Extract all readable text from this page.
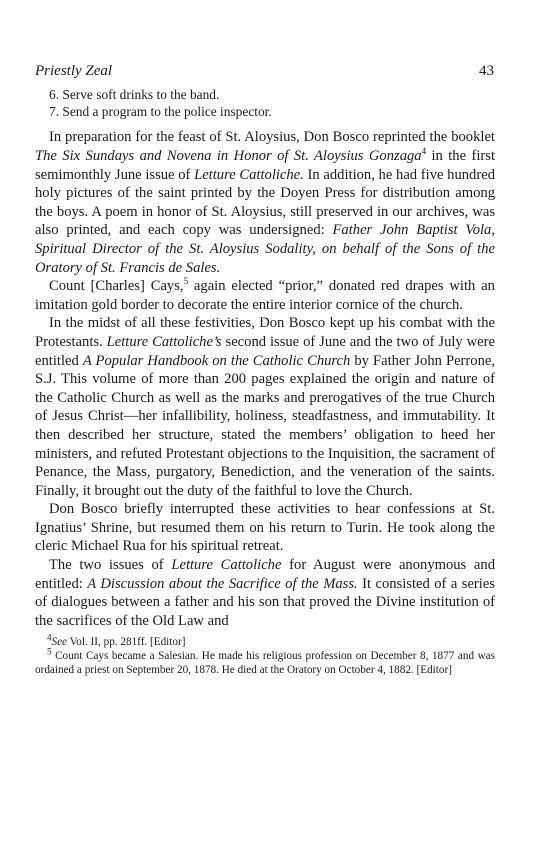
Priestly Zeal	43
6. Serve soft drinks to the band.
7. Send a program to the police inspector.

In preparation for the feast of St. Aloysius, Don Bosco reprinted the booklet The Six Sundays and Novena in Honor of St. Aloysius Gonzaga$^4$ in the first semimonthly June issue of Letture Cattoliche. In addition, he had five hundred holy pictures of the saint printed by the Doyen Press for distribution among the boys. A poem in honor of St. Aloysius, still preserved in our archives, was also printed, and each copy was undersigned: Father John Baptist Vola, Spiritual Director of the St. Aloysius Sodality, on behalf of the Sons of the Oratory of St. Francis de Sales.

Count [Charles] Cays,$^5$ again elected “prior,” donated red drapes with an imitation gold border to decorate the entire interior cornice of the church.

In the midst of all these festivities, Don Bosco kept up his combat with the Protestants. Letture Cattoliche’s second issue of June and the two of July were entitled A Popular Handbook on the Catholic Church by Father John Perrone, S.J. This volume of more than 200 pages explained the origin and nature of the Catholic Church as well as the marks and prerogatives of the true Church of Jesus Christ—her infallibility, holiness, steadfastness, and immutability. It then described her structure, stated the members’ obligation to heed her ministers, and refuted Protestant objections to the Inquisition, the sacrament of Penance, the Mass, purgatory, Benediction, and the veneration of the saints. Finally, it brought out the duty of the faithful to love the Church.

Don Bosco briefly interrupted these activities to hear confessions at St. Ignatius’ Shrine, but resumed them on his return to Turin. He took along the cleric Michael Rua for his spiritual retreat.

The two issues of Letture Cattoliche for August were anonymous and entitled: A Discussion about the Sacrifice of the Mass. It consisted of a series of dialogues between a father and his son that proved the Divine institution of the sacrifices of the Old Law and

$^4$See Vol. II, pp. 281ff. [Editor]

$^5$ Count Cays became a Salesian. He made his religious profession on December 8, 1877 and was ordained a priest on September 20, 1878. He died at the Oratory on October 4, 1882. [Editor]
